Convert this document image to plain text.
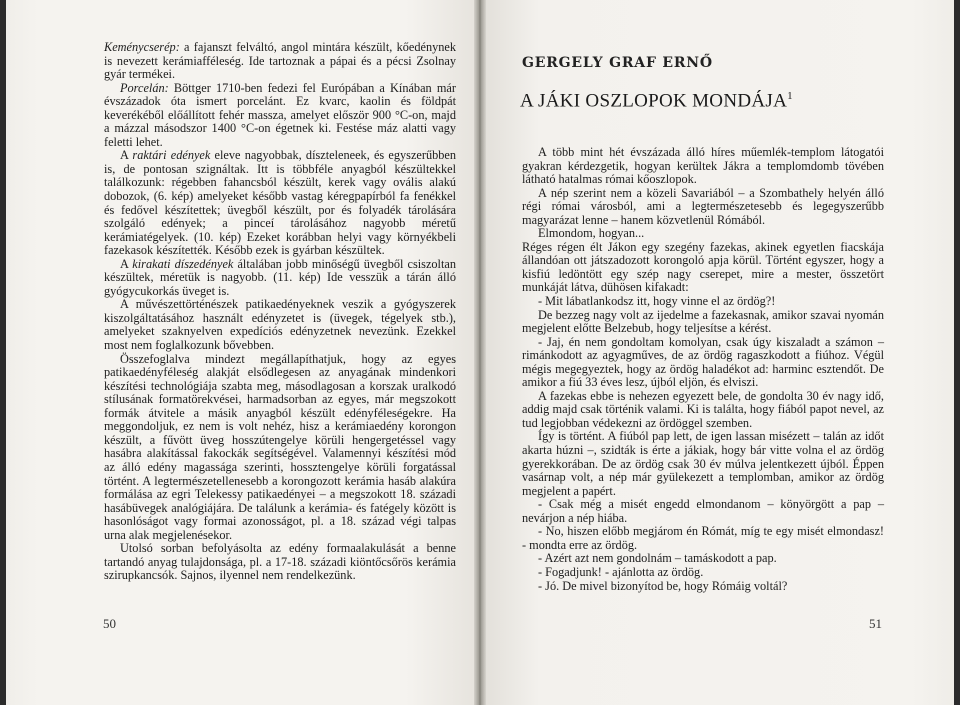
Keménycserép: a fajanszt felváltó, angol mintára készült, kőedénynek is nevezett kerámiafféleség. Ide tartoznak a pápai és a pécsi Zsolnay gyár termékei.

Porcelán: Böttger 1710-ben fedezi fel Európában a Kínában már évszázadok óta ismert porcelánt. Ez kvarc, kaolin és földpát keverékéből előállított fehér massza, amelyet először 900 °C-on, majd a mázzal másodszor 1400 °C-on égetnek ki. Festése máz alatti vagy feletti lehet.

A raktári edények eleve nagyobbak, díszteleneek, és egyszerűbben is, de pontosan szignáltak. Itt is többféle anyagból készültekkel találkozunk: régebben fahancsból készült, kerek vagy ovális alakú dobozok, (6. kép) amelyeket később vastag kéregpapírból fa fenékkel és fedővel készítettek; üvegből készült, por és folyadék tárolására szolgáló edények; a pinceí tárolásához nagyobb méretű kerámiatégelyek. (10. kép) Ezeket korábban helyi vagy környékbeli fazekasok készítették. Később ezek is gyárban készültek.

A kirakati díszedények általában jobb minőségű üvegből csiszoltan készültek, méretük is nagyobb. (11. kép) Ide vesszük a tárán álló gyógycukorkás üveget is.

A művészettörténészek patikaedényeknek veszik a gyógyszerek kiszolgáltatásához használt edényzetet is (üvegek, tégelyek stb.), amelyeket szaknyelven expedíciós edényzetnek nevezünk. Ezekkel most nem foglalkozunk bővebben.

Összefoglalva mindezt megállapíthatjuk, hogy az egyes patikaedényféleség alakját elsődlegesen az anyagának mindenkori készítési technológiája szabta meg, másodlagosan a korszak uralkodó stílusának formatörekvései, harmadsorban az egyes, már megszokott formák átvitele a másik anyagból készült edényféleségekre. Ha meggondoljuk, ez nem is volt nehéz, hisz a kerámiaedény korongon készült, a fűvött üveg hosszútengelye körüli hengergetéssel vagy hasábra alakítással fakockák segítségével. Valamennyi készítési mód az álló edény magassága szerinti, hossztengelye körüli forgatással történt. A legtermészetellenesebb a korongozott kerámia hasáb alakúra formálása az egri Telekessy patikaedényei – a megszokott 18. századi hasábüvegek analógiájára. De találunk a kerámia- és fatégely között is hasonlóságot vagy formai azonosságot, pl. a 18. század végi talpas urna alak megjelenésekor.

Utolsó sorban befolyásolta az edény formaalakulását a benne tartandó anyag tulajdonsága, pl. a 17-18. századi kiöntőcsőrös kerámia szirupkancsók. Sajnos, ilyennel nem rendelkezünk.

50
GERGELY GRAF ERNŐ
A JÁKI OSZLOPOK MONDÁJA$^1$

A több mint hét évszázada álló híres műemlék-templom látogatói gyakran kérdezgetik, hogyan kerültek Jákra a templomdomb tövében látható hatalmas római kőoszlopok.

A nép szerint nem a közeli Savariából – a Szombathely helyén álló régi római városból, ami a legtermészetesebb és legegyszerűbb magyarázat lenne – hanem közvetlenül Rómából.

Elmondom, hogyan...

Réges régen élt Jákon egy szegény fazekas, akinek egyetlen fiacskája állandóan ott játszadozott korongoló apja körül. Történt egyszer, hogy a kisfiú ledöntött egy szép nagy cserepet, mire a mester, összetört munkáját látva, dühösen kifakadt:

- Mit lábatlankodsz itt, hogy vinne el az ördög?!

De bezzeg nagy volt az ijedelme a fazekasnak, amikor szavai nyomán megjelent előtte Belzebub, hogy teljesítse a kérést.

- Jaj, én nem gondoltam komolyan, csak úgy kiszaladt a számon – rimánkodott az agyagműves, de az ördög ragaszkodott a fiúhoz. Végül mégis megegyeztek, hogy az ördög haladékot ad: harminc esztendőt. De amikor a fiú 33 éves lesz, újból eljön, és elviszi.

A fazekas ebbe is nehezen egyezett bele, de gondolta 30 év nagy idő, addig majd csak történik valami. Ki is találta, hogy fiából papot nevel, az tud legjobban védekezni az ördöggel szemben.

Így is történt. A fiúból pap lett, de igen lassan misézett – talán az időt akarta húzni –, szidták is érte a jákiak, hogy bár vitte volna el az ördög gyerekkorában. De az ördög csak 30 év múlva jelentkezett újból. Éppen vasárnap volt, a nép már gyülekezett a templomban, amikor az ördög megjelent a papért.

- Csak még a misét engedd elmondanom – könyörgött a pap – nevárjon a nép hiába.

- No, hiszen előbb megjárom én Rómát, míg te egy misét elmondasz! - mondta erre az ördög.

- Azért azt nem gondolnám – tamáskodott a pap.

- Fogadjunk! - ajánlotta az ördög.

- Jó. De mivel bizonyítod be, hogy Rómáig voltál?

51
